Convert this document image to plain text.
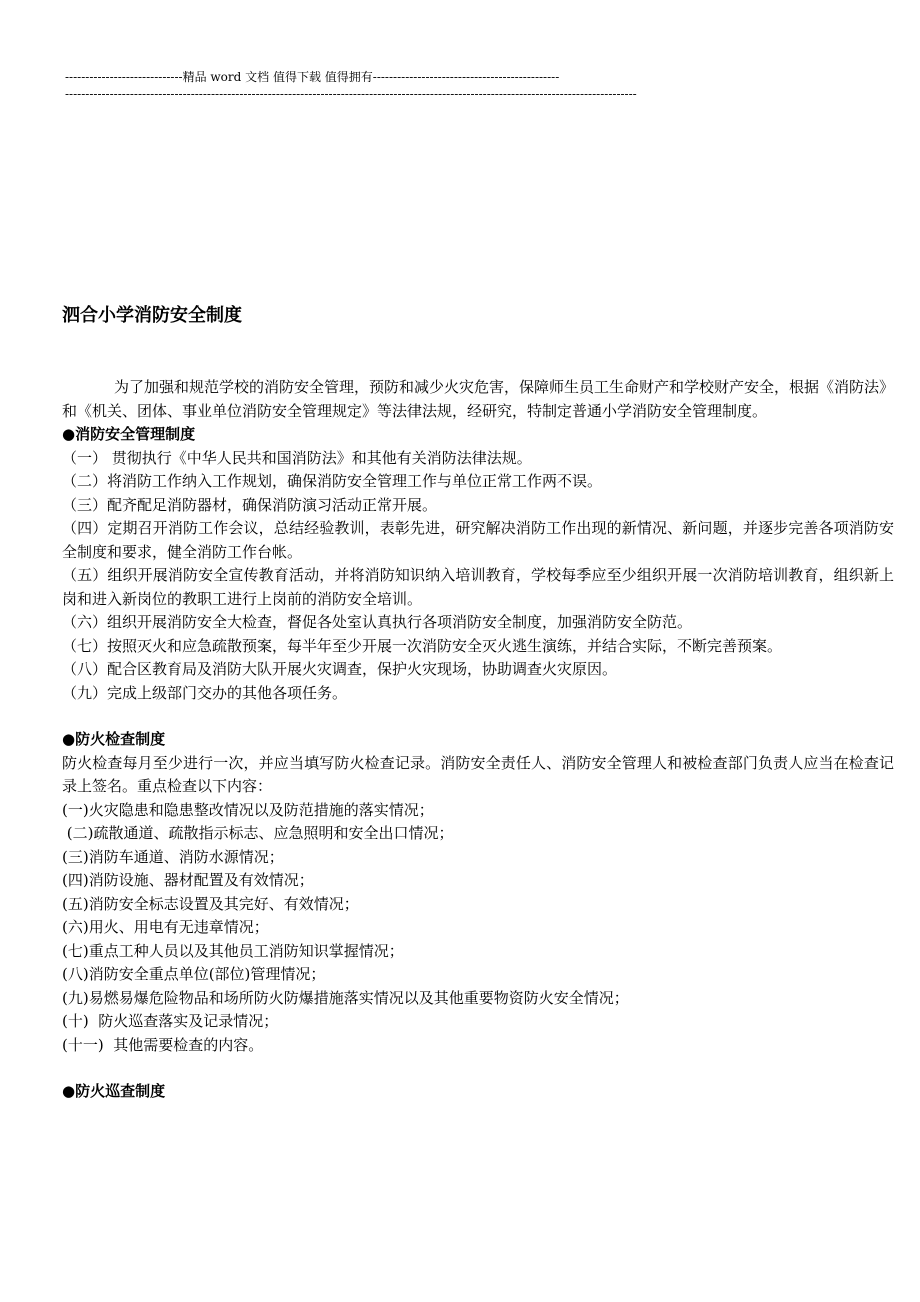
-----------------------------精品 word 文档 值得下载 值得拥有----------------------------------------------
---------------------------------------------------------------------------------------------------------------------------------------------
泗合小学消防安全制度

为了加强和规范学校的消防安全管理，预防和减少火灾危害，保障师生员工生命财产和学校财产安全，根据《消防法》和《机关、团体、事业单位消防安全管理规定》等法律法规，经研究，特制定普通小学消防安全管理制度。

●消防安全管理制度

（一） 贯彻执行《中华人民共和国消防法》和其他有关消防法律法规。

（二）将消防工作纳入工作规划，确保消防安全管理工作与单位正常工作两不误。

（三）配齐配足消防器材，确保消防演习活动正常开展。

（四）定期召开消防工作会议，总结经验教训，表彰先进，研究解决消防工作出现的新情况、新问题，并逐步完善各项消防安全制度和要求，健全消防工作台帐。

（五）组织开展消防安全宣传教育活动，并将消防知识纳入培训教育，学校每季应至少组织开展一次消防培训教育，组织新上岗和进入新岗位的教职工进行上岗前的消防安全培训。

（六）组织开展消防安全大检查，督促各处室认真执行各项消防安全制度，加强消防安全防范。

（七）按照灭火和应急疏散预案，每半年至少开展一次消防安全灭火逃生演练，并结合实际，不断完善预案。

（八）配合区教育局及消防大队开展火灾调查，保护火灾现场，协助调查火灾原因。

（九）完成上级部门交办的其他各项任务。

●防火检查制度

防火检查每月至少进行一次，并应当填写防火检查记录。消防安全责任人、消防安全管理人和被检查部门负责人应当在检查记录上签名。重点检查以下内容：

(一)火灾隐患和隐患整改情况以及防范措施的落实情况；

(二)疏散通道、疏散指示标志、应急照明和安全出口情况；

(三)消防车通道、消防水源情况；

(四)消防设施、器材配置及有效情况；

(五)消防安全标志设置及其完好、有效情况；

(六)用火、用电有无违章情况；

(七)重点工种人员以及其他员工消防知识掌握情况；

(八)消防安全重点单位(部位)管理情况；

(九)易燃易爆危险物品和场所防火防爆措施落实情况以及其他重要物资防火安全情况；

(十)  防火巡查落实及记录情况；

(十一)  其他需要检查的内容。

●防火巡查制度
